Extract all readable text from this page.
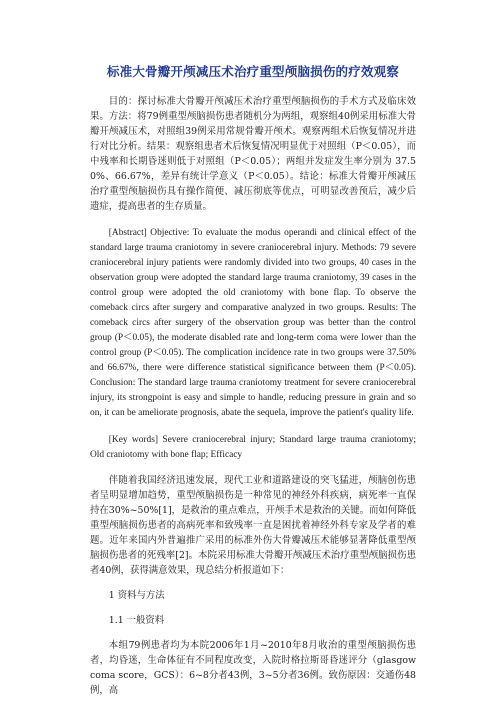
标准大骨瓣开颅减压术治疗重型颅脑损伤的疗效观察

目的：探讨标准大骨瓣开颅减压术治疗重型颅脑损伤的手术方式及临床效果。方法：将79例重型颅脑损伤患者随机分为两组，观察组40例采用标准大骨瓣开颅减压术，对照组39例采用常规骨瓣开颅术。观察两组术后恢复情况并进行对比分析。结果：观察组患者术后恢复情况明显优于对照组（P＜0.05），而中残率和长期昏迷则低于对照组（P＜0.05）；两组并发症发生率分别为 37.50%、66.67%，差异有统计学意义（P＜0.05）。结论：标准大骨瓣开颅减压治疗重型颅脑损伤具有操作简便、减压彻底等优点，可明显改善预后，减少后遗症，提高患者的生存质量。

[Abstract] Objective: To evaluate the modus operandi and clinical effect of the standard large trauma craniotomy in severe craniocerebral injury. Methods: 79 severe craniocerebral injury patients were randomly divided into two groups, 40 cases in the observation group were adopted the standard large trauma craniotomy, 39 cases in the control group were adopted the old craniotomy with bone flap. To observe the comeback circs after surgery and comparative analyzed in two groups. Results: The comeback circs after surgery of the observation group was better than the control group (P＜0.05), the moderate disabled rate and long-term coma were lower than the control group (P＜0.05). The complication incidence rate in two groups were 37.50% and 66.67%, there were difference statistical significance between them (P＜0.05). Conclusion: The standard large trauma craniotomy treatment for severe craniocerebral injury, its strongpoint is easy and simple to handle, reducing pressure in grain and so on, it can be ameliorate prognosis, abate the sequela, improve the patient's quality life.

[Key words] Severe craniocerebral injury; Standard large trauma craniotomy; Old craniotomy with bone flap; Efficacy

伴随着我国经济迅速发展，现代工业和道路建设的突飞猛进，颅脑创伤患者呈明显增加趋势，重型颅脑损伤是一种常见的神经外科疾病，病死率一直保持在30%~50%[1]，是救治的重点难点，开颅手术是救治的关键。而如何降低重型颅脑损伤患者的高病死率和致残率一直是困扰着神经外科专家及学者的难题。近年来国内外普遍推广采用的标准外伤大骨瓣减压术能够显著降低重型颅脑损伤患者的死残率[2]。本院采用标准大骨瓣开颅减压术治疗重型颅脑损伤患者40例，获得满意效果，现总结分析报道如下：

1 资料与方法
1.1 一般资料

本组79例患者均为本院2006年1月~2010年8月收治的重型颅脑损伤患者，均昏迷，生命体征有不同程度改变，入院时格拉斯哥昏迷评分（glasgow coma score，GCS）：6~8分者43例，3~5分者36例。致伤原因：交通伤48例，高
